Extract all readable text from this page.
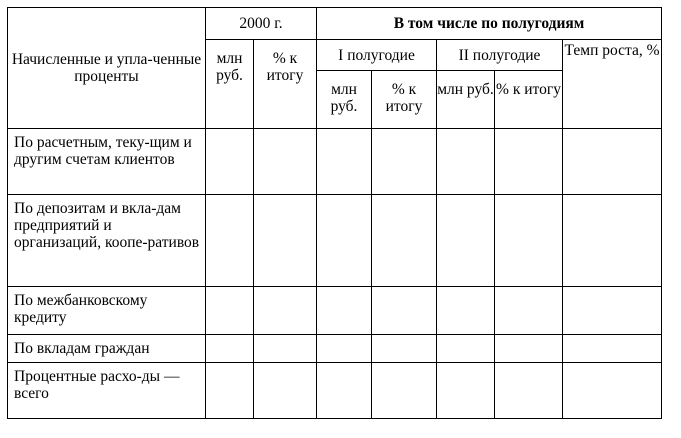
Начисленные и упла-ченные проценты	2000 г.		В том числе по полугодиям				
	млн руб.	% к итогу	I полугодие		II полугодие		Темп роста, %
			млн руб.	% к итогу	млн руб.	% к итогу	
По расчетным, теку-щим и другим счетам клиентов							
По депозитам и вкла-дам предприятий и организаций, коопе-ративов							
По межбанковскому кредиту							
По вкладам граждан							
Процентные расхо-ды — всего							
